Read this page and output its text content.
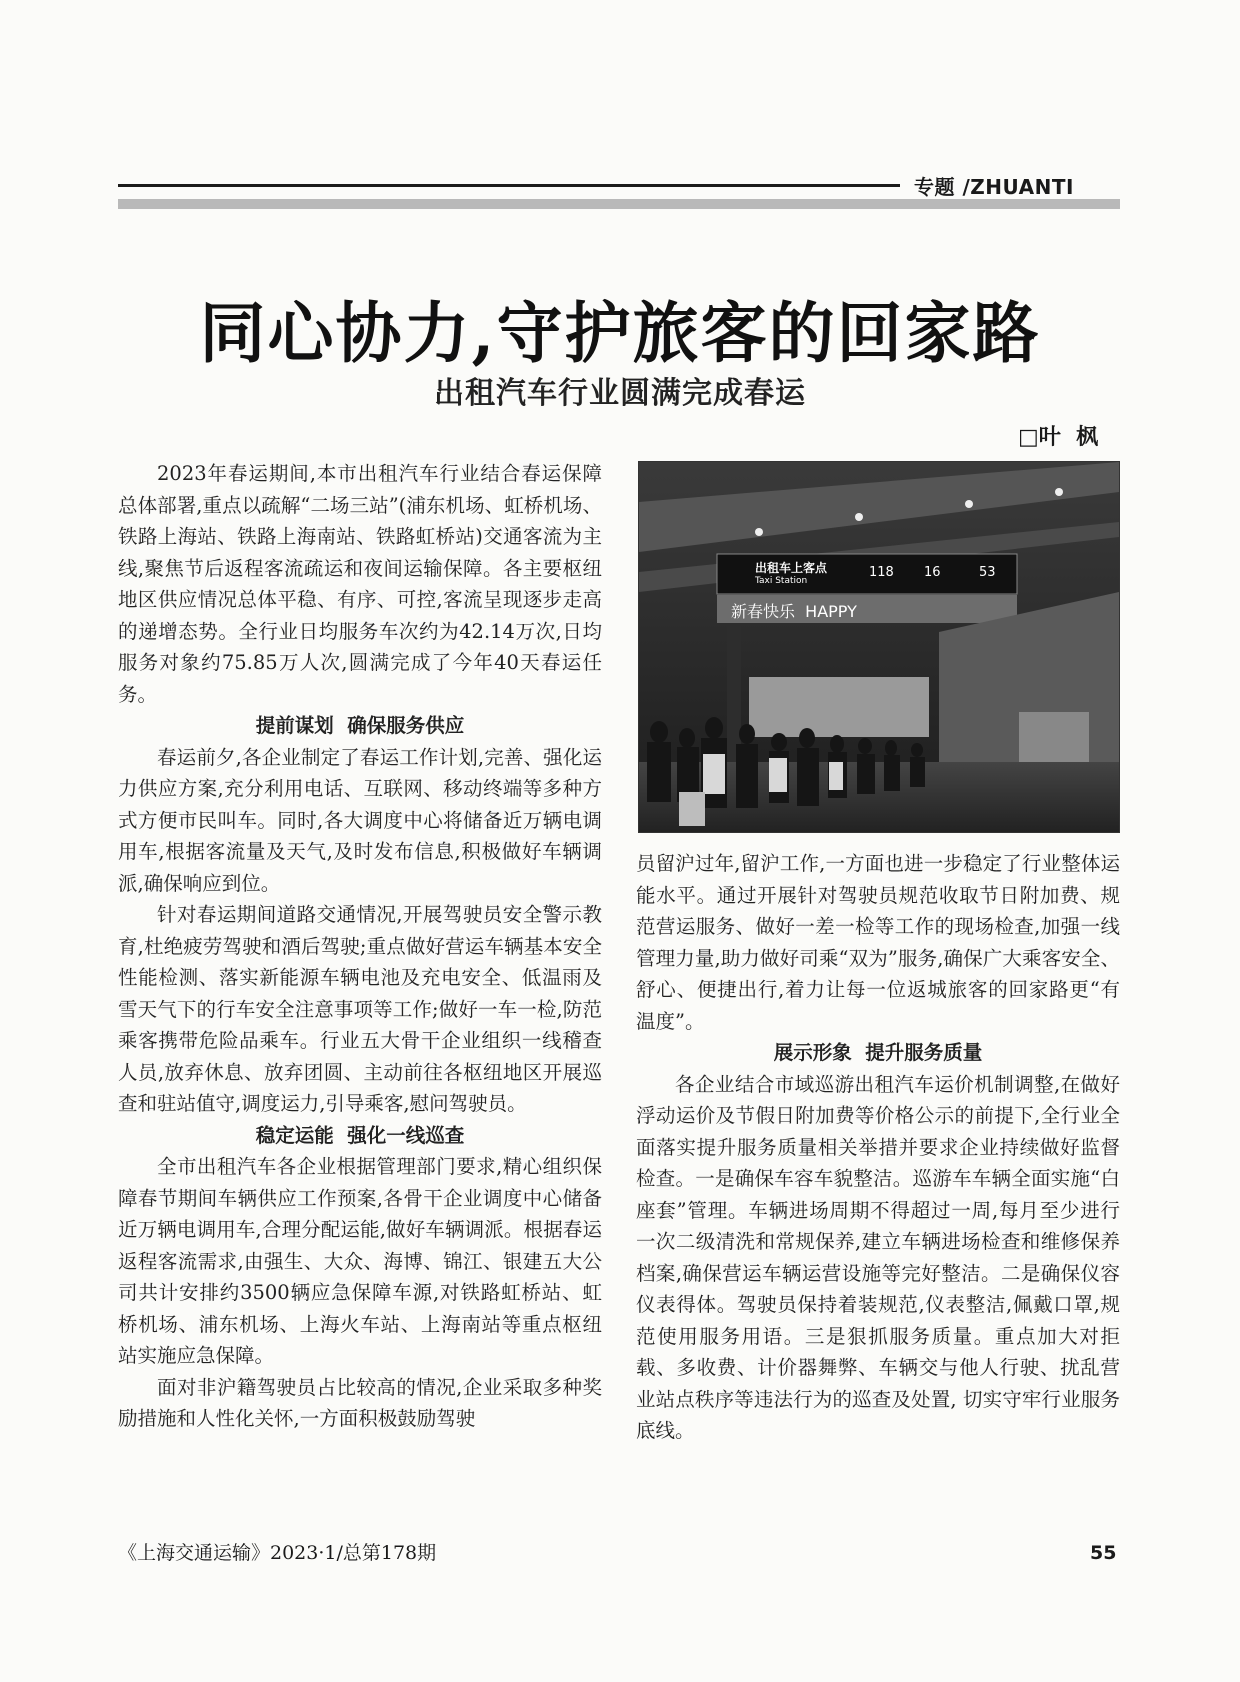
专题 /ZHUANTI
同心协力,守护旅客的回家路
出租汽车行业圆满完成春运
□叶  枫

2023年春运期间,本市出租汽车行业结合春运保障总体部署,重点以疏解“二场三站”(浦东机场、虹桥机场、铁路上海站、铁路上海南站、铁路虹桥站)交通客流为主线,聚焦节后返程客流疏运和夜间运输保障。各主要枢纽地区供应情况总体平稳、有序、可控,客流呈现逐步走高的递增态势。全行业日均服务车次约为42.14万次,日均服务对象约75.85万人次,圆满完成了今年40天春运任务。

提前谋划  确保服务供应

春运前夕,各企业制定了春运工作计划,完善、强化运力供应方案,充分利用电话、互联网、移动终端等多种方式方便市民叫车。同时,各大调度中心将储备近万辆电调用车,根据客流量及天气,及时发布信息,积极做好车辆调派,确保响应到位。

针对春运期间道路交通情况,开展驾驶员安全警示教育,杜绝疲劳驾驶和酒后驾驶;重点做好营运车辆基本安全性能检测、落实新能源车辆电池及充电安全、低温雨及雪天气下的行车安全注意事项等工作;做好一车一检,防范乘客携带危险品乘车。行业五大骨干企业组织一线稽查人员,放弃休息、放弃团圆、主动前往各枢纽地区开展巡查和驻站值守,调度运力,引导乘客,慰问驾驶员。

稳定运能  强化一线巡查

全市出租汽车各企业根据管理部门要求,精心组织保障春节期间车辆供应工作预案,各骨干企业调度中心储备近万辆电调用车,合理分配运能,做好车辆调派。根据春运返程客流需求,由强生、大众、海博、锦江、银建五大公司共计安排约3500辆应急保障车源,对铁路虹桥站、虹桥机场、浦东机场、上海火车站、上海南站等重点枢纽站实施应急保障。

面对非沪籍驾驶员占比较高的情况,企业采取多种奖励措施和人性化关怀,一方面积极鼓励驾驶

出租车上客点
Taxi Station
118 16	53
新春快乐  HAPPY

员留沪过年,留沪工作,一方面也进一步稳定了行业整体运能水平。通过开展针对驾驶员规范收取节日附加费、规范营运服务、做好一差一检等工作的现场检查,加强一线管理力量,助力做好司乘“双为”服务,确保广大乘客安全、舒心、便捷出行,着力让每一位返城旅客的回家路更“有温度”。

展示形象  提升服务质量

各企业结合市域巡游出租汽车运价机制调整,在做好浮动运价及节假日附加费等价格公示的前提下,全行业全面落实提升服务质量相关举措并要求企业持续做好监督检查。一是确保车容车貌整洁。巡游车车辆全面实施“白座套”管理。车辆进场周期不得超过一周,每月至少进行一次二级清洗和常规保养,建立车辆进场检查和维修保养档案,确保营运车辆运营设施等完好整洁。二是确保仪容仪表得体。驾驶员保持着装规范,仪表整洁,佩戴口罩,规范使用服务用语。三是狠抓服务质量。重点加大对拒载、多收费、计价器舞弊、车辆交与他人行驶、扰乱营业站点秩序等违法行为的巡查及处置, 切实守牢行业服务底线。

《上海交通运输》2023·1/总第178期	55
